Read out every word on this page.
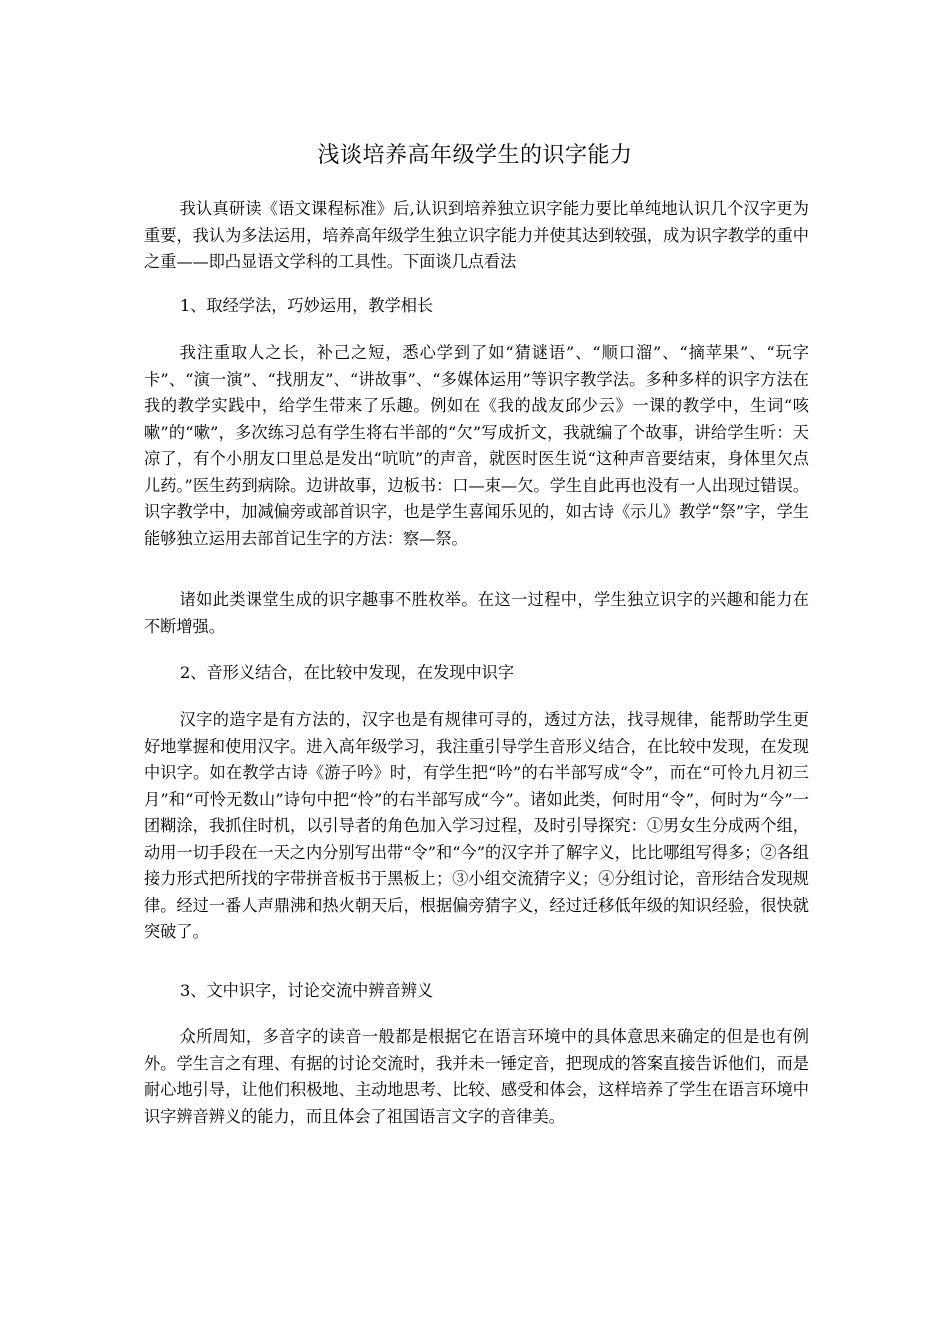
浅谈培养高年级学生的识字能力
我认真研读《语文课程标准》后,认识到培养独立识字能力要比单纯地认识几个汉字更为重要，我认为多法运用，培养高年级学生独立识字能力并使其达到较强，成为识字教学的重中之重——即凸显语文学科的工具性。下面谈几点看法
1、取经学法，巧妙运用，教学相长
我注重取人之长，补己之短，悉心学到了如“猜谜语”、“顺口溜”、“摘苹果”、“玩字卡”、“演一演”、“找朋友”、“讲故事”、“多媒体运用”等识字教学法。多种多样的识字方法在我的教学实践中，给学生带来了乐趣。例如在《我的战友邱少云》一课的教学中，生词“咳嗽”的“嗽”，多次练习总有学生将右半部的“欠”写成折文，我就编了个故事，讲给学生听：天凉了，有个小朋友口里总是发出“吭吭”的声音，就医时医生说“这种声音要结束，身体里欠点儿药。”医生药到病除。边讲故事，边板书：口—束—欠。学生自此再也没有一人出现过错误。识字教学中，加减偏旁或部首识字，也是学生喜闻乐见的，如古诗《示儿》教学“祭”字，学生能够独立运用去部首记生字的方法：察—祭。
诸如此类课堂生成的识字趣事不胜枚举。在这一过程中，学生独立识字的兴趣和能力在不断增强。
2、音形义结合，在比较中发现，在发现中识字
汉字的造字是有方法的，汉字也是有规律可寻的，透过方法，找寻规律，能帮助学生更好地掌握和使用汉字。进入高年级学习，我注重引导学生音形义结合，在比较中发现，在发现中识字。如在教学古诗《游子吟》时，有学生把“吟”的右半部写成“令”，而在“可怜九月初三月”和“可怜无数山”诗句中把“怜”的右半部写成“今”。诸如此类，何时用“令”，何时为“今”一团糊涂，我抓住时机，以引导者的角色加入学习过程，及时引导探究：①男女生分成两个组，动用一切手段在一天之内分别写出带“令”和“今”的汉字并了解字义，比比哪组写得多；②各组接力形式把所找的字带拼音板书于黑板上；③小组交流猜字义；④分组讨论，音形结合发现规律。经过一番人声鼎沸和热火朝天后，根据偏旁猜字义，经过迁移低年级的知识经验，很快就突破了。
3、文中识字，讨论交流中辨音辨义
众所周知，多音字的读音一般都是根据它在语言环境中的具体意思来确定的但是也有例外。学生言之有理、有据的讨论交流时，我并未一锤定音，把现成的答案直接告诉他们，而是耐心地引导，让他们积极地、主动地思考、比较、感受和体会，这样培养了学生在语言环境中识字辨音辨义的能力，而且体会了祖国语言文字的音律美。
